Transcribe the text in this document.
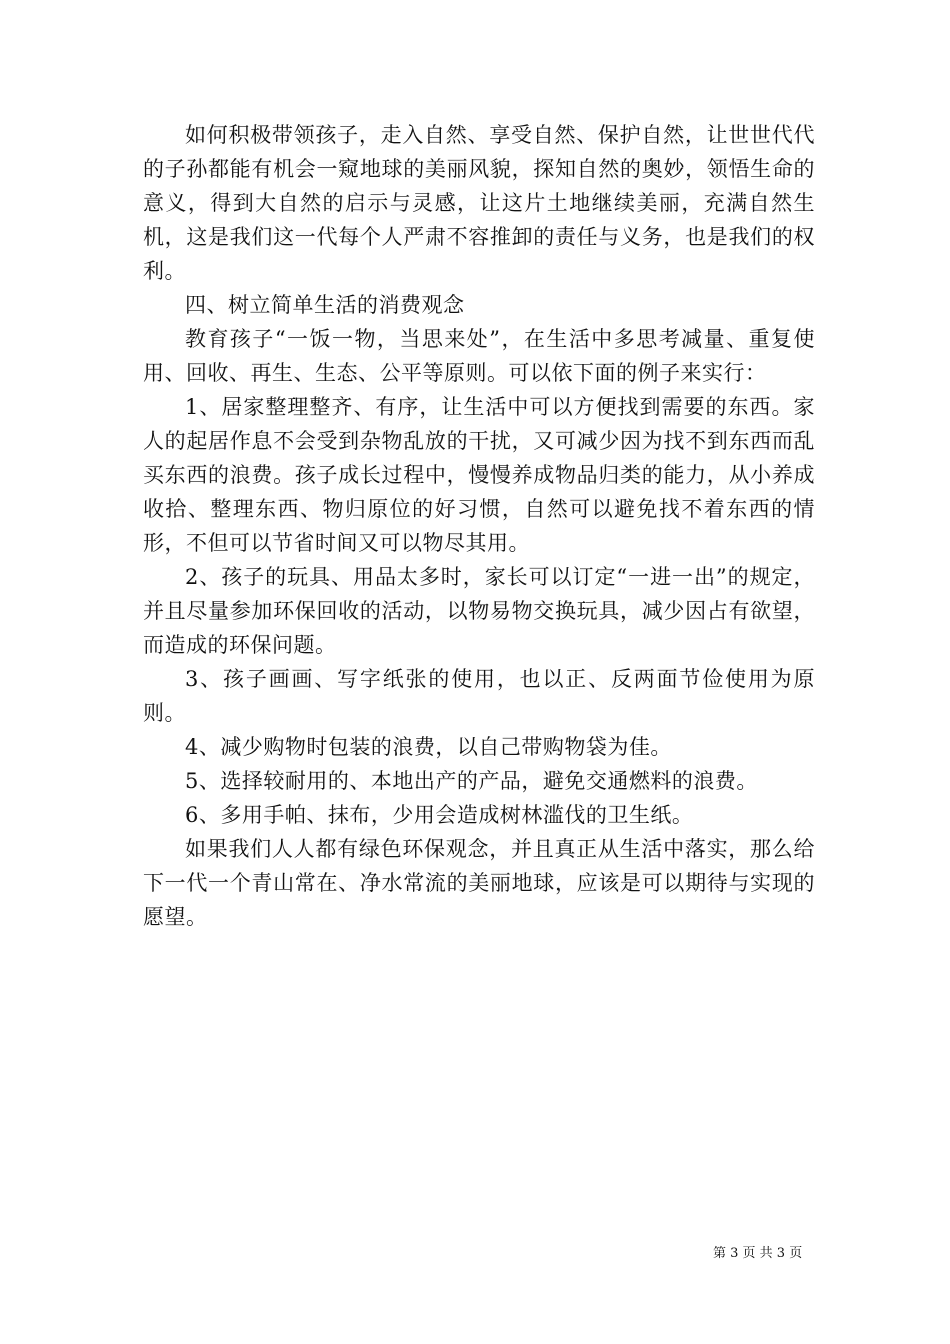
如何积极带领孩子，走入自然、享受自然、保护自然，让世世代代的子孙都能有机会一窥地球的美丽风貌，探知自然的奥妙，领悟生命的意义，得到大自然的启示与灵感，让这片土地继续美丽，充满自然生机，这是我们这一代每个人严肃不容推卸的责任与义务，也是我们的权利。

四、树立简单生活的消费观念

教育孩子“一饭一物，当思来处”，在生活中多思考减量、重复使用、回收、再生、生态、公平等原则。可以依下面的例子来实行：

1、居家整理整齐、有序，让生活中可以方便找到需要的东西。家人的起居作息不会受到杂物乱放的干扰，又可减少因为找不到东西而乱买东西的浪费。孩子成长过程中，慢慢养成物品归类的能力，从小养成收拾、整理东西、物归原位的好习惯，自然可以避免找不着东西的情形，不但可以节省时间又可以物尽其用。

2、孩子的玩具、用品太多时，家长可以订定“一进一出”的规定，并且尽量参加环保回收的活动，以物易物交换玩具，减少因占有欲望，而造成的环保问题。

3、孩子画画、写字纸张的使用，也以正、反两面节俭使用为原则。

4、减少购物时包装的浪费，以自己带购物袋为佳。

5、选择较耐用的、本地出产的产品，避免交通燃料的浪费。

6、多用手帕、抹布，少用会造成树林滥伐的卫生纸。

如果我们人人都有绿色环保观念，并且真正从生活中落实，那么给下一代一个青山常在、净水常流的美丽地球，应该是可以期待与实现的愿望。

第 3 页 共 3 页
